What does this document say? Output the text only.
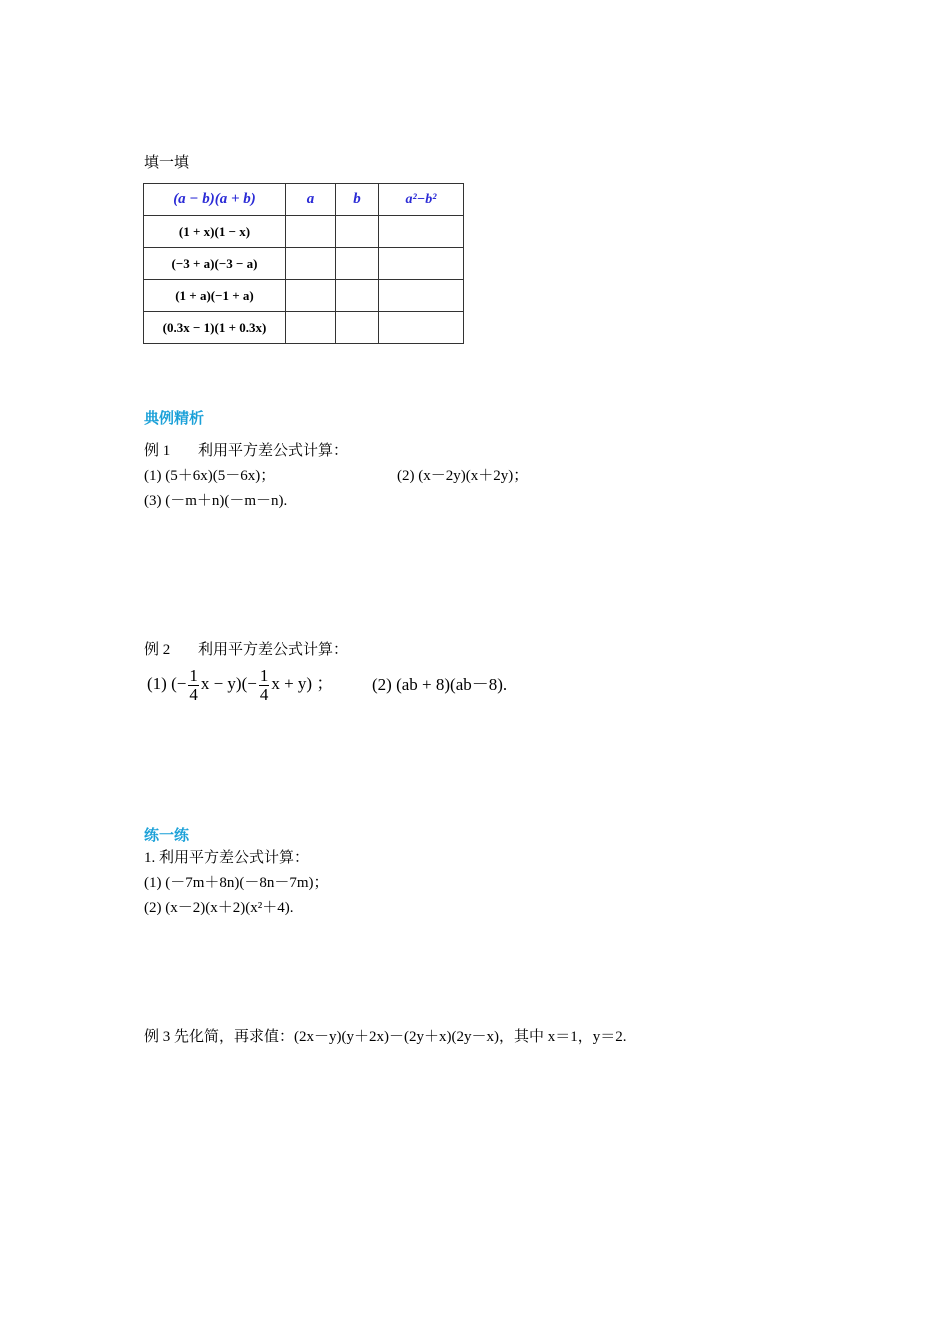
填一填
(a − b)(a + b)	a	b	a²−b²
(1 + x)(1 − x)			
(−3 + a)(−3 − a)			
(1 + a)(−1 + a)			
(0.3x − 1)(1 + 0.3x)			
典例精析
例 1 利用平方差公式计算：
(1) (5＋6x)(5－6x)；	(2) (x－2y)(x＋2y)；
(3) (－m＋n)(－m－n).
例 2 利用平方差公式计算：
(1) (− $\frac{1}{4}$ $x - y)(- \frac{1}{4}$ x + y) ； (2) (ab + 8)(ab－8).
练一练
1. 利用平方差公式计算：
(1) (－7m＋8n)(－8n－7m)；
(2) (x－2)(x＋2)(x²＋4).
例 3 先化简，再求值：(2x－y)(y＋2x)－(2y＋x)(2y－x)，其中 x＝1，y＝2.
